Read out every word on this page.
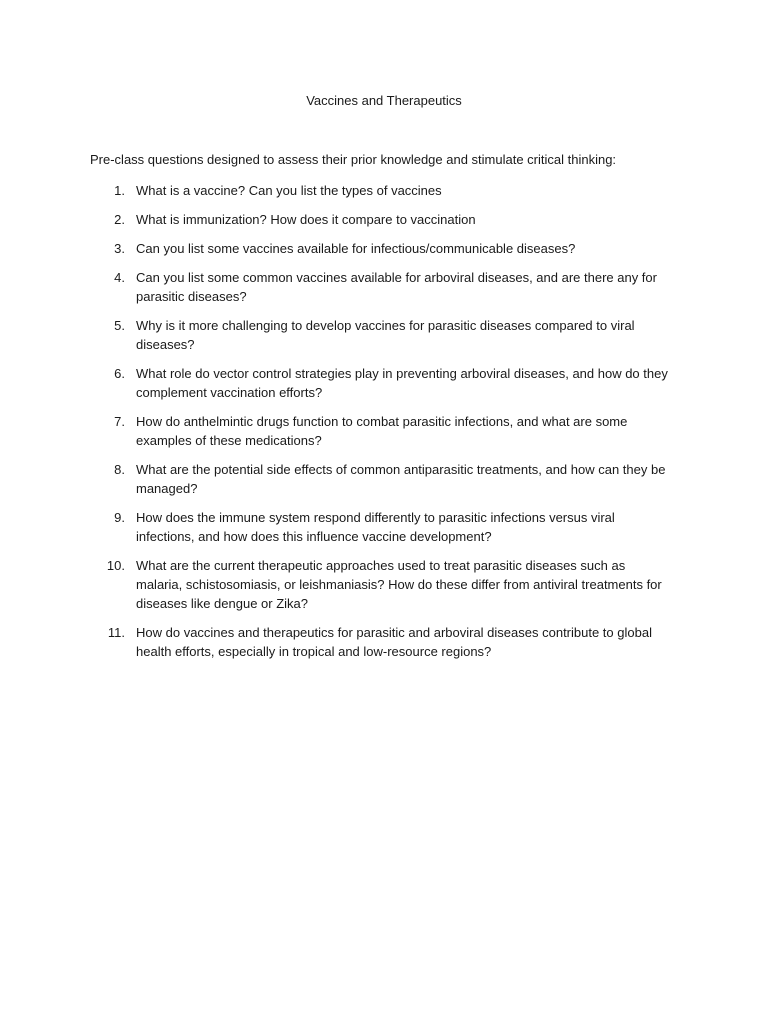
Vaccines and Therapeutics
Pre-class questions designed to assess their prior knowledge and stimulate critical thinking:
1. What is a vaccine? Can you list the types of vaccines
2. What is immunization? How does it compare to vaccination
3. Can you list some vaccines available for infectious/communicable diseases?
4. Can you list some common vaccines available for arboviral diseases, and are there any for parasitic diseases?
5. Why is it more challenging to develop vaccines for parasitic diseases compared to viral diseases?
6. What role do vector control strategies play in preventing arboviral diseases, and how do they complement vaccination efforts?
7. How do anthelmintic drugs function to combat parasitic infections, and what are some examples of these medications?
8. What are the potential side effects of common antiparasitic treatments, and how can they be managed?
9. How does the immune system respond differently to parasitic infections versus viral infections, and how does this influence vaccine development?
10. What are the current therapeutic approaches used to treat parasitic diseases such as malaria, schistosomiasis, or leishmaniasis? How do these differ from antiviral treatments for diseases like dengue or Zika?
11. How do vaccines and therapeutics for parasitic and arboviral diseases contribute to global health efforts, especially in tropical and low-resource regions?
